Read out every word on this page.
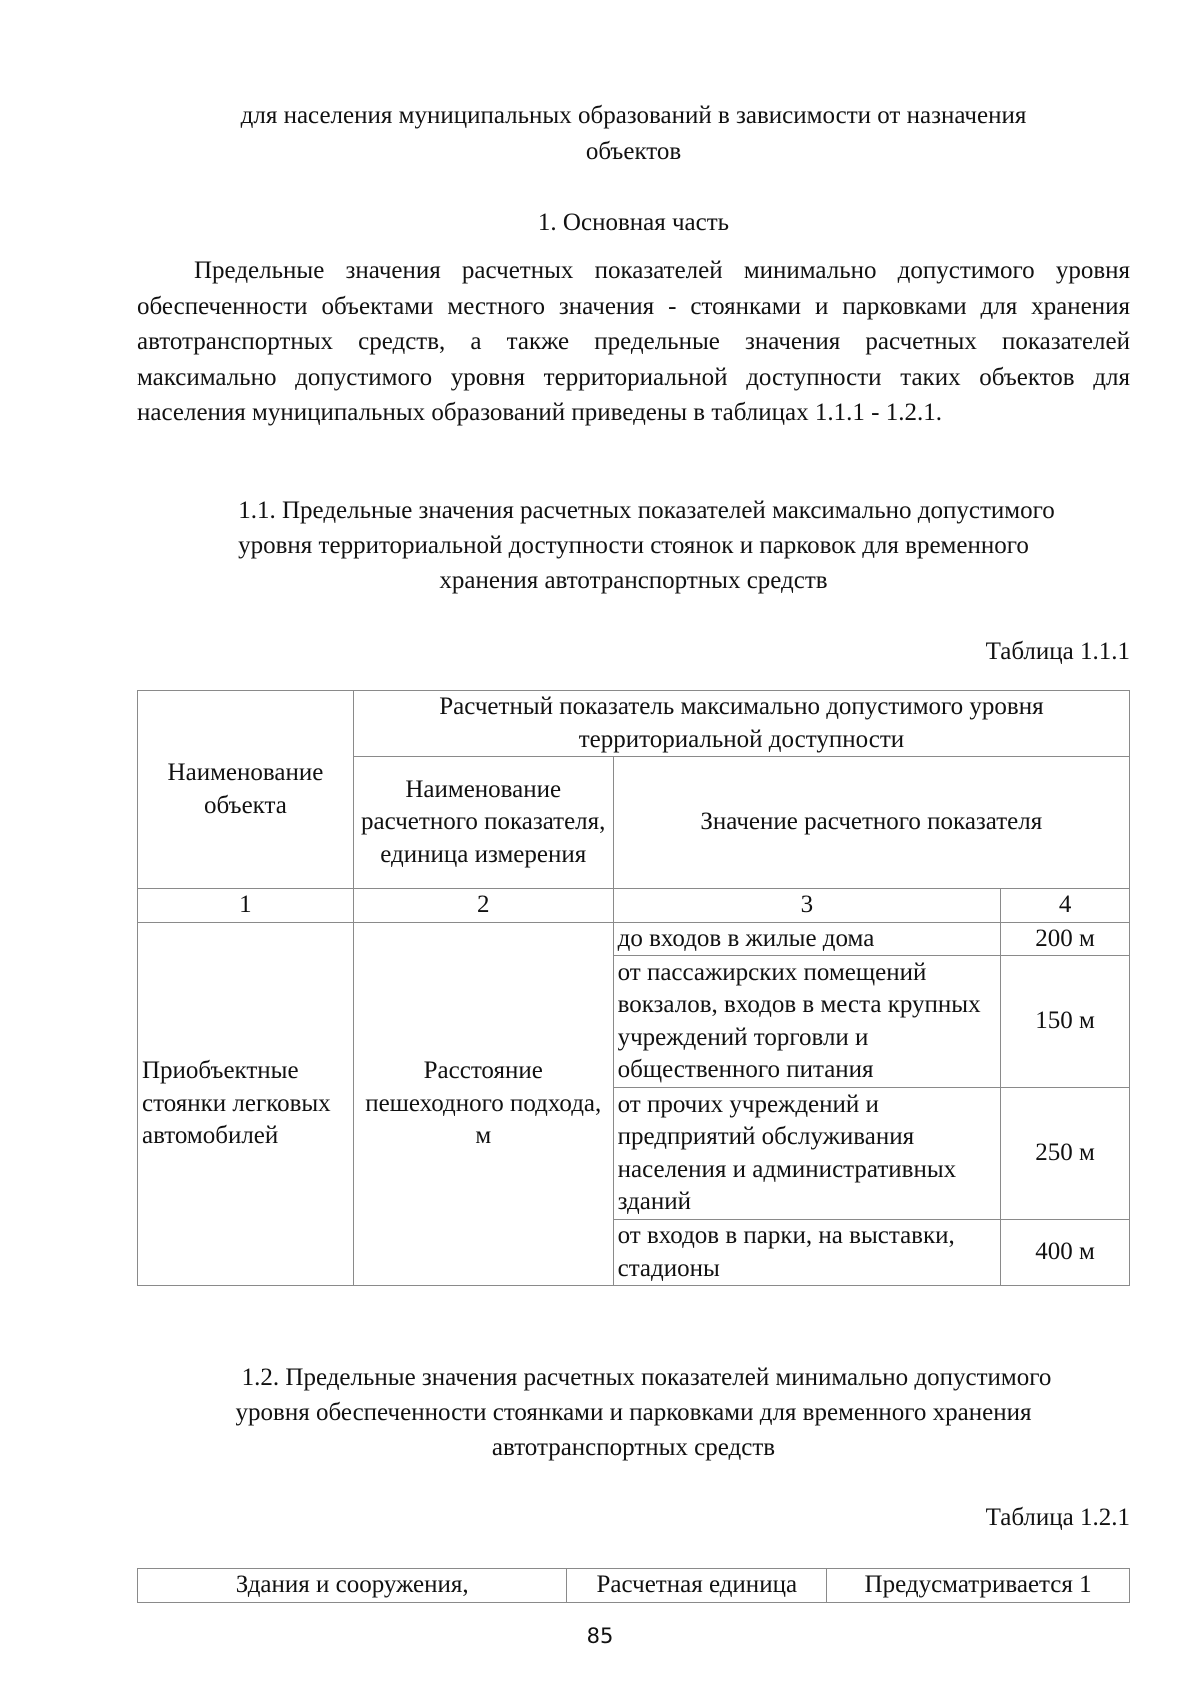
для населения муниципальных образований в зависимости от назначения
объектов
1. Основная часть
Предельные значения расчетных показателей минимально допустимого уровня обеспеченности объектами местного значения - стоянками и парковками для хранения автотранспортных средств, а также предельные значения расчетных показателей максимально допустимого уровня территориальной доступности таких объектов для населения муниципальных образований приведены в таблицах 1.1.1 - 1.2.1.
1.1. Предельные значения расчетных показателей максимально допустимого
уровня территориальной доступности стоянок и парковок для временного
хранения автотранспортных средств
Таблица 1.1.1
Наименование объекта	Расчетный показатель максимально допустимого уровня территориальной доступности		
	Наименование расчетного показателя, единица измерения	Значение расчетного показателя	
1	2	3	4
Приобъектные стоянки легковых автомобилей	Расстояние пешеходного подхода, м	до входов в жилые дома	200 м
		от пассажирских помещений вокзалов, входов в места крупных учреждений торговли и общественного питания	150 м
		от прочих учреждений и предприятий обслуживания населения и административных зданий	250 м
		от входов в парки, на выставки, стадионы	400 м
1.2. Предельные значения расчетных показателей минимально допустимого
уровня обеспеченности стоянками и парковками для временного хранения
автотранспортных средств
Таблица 1.2.1
Здания и сооружения,	Расчетная единица	Предусматривается 1
85
